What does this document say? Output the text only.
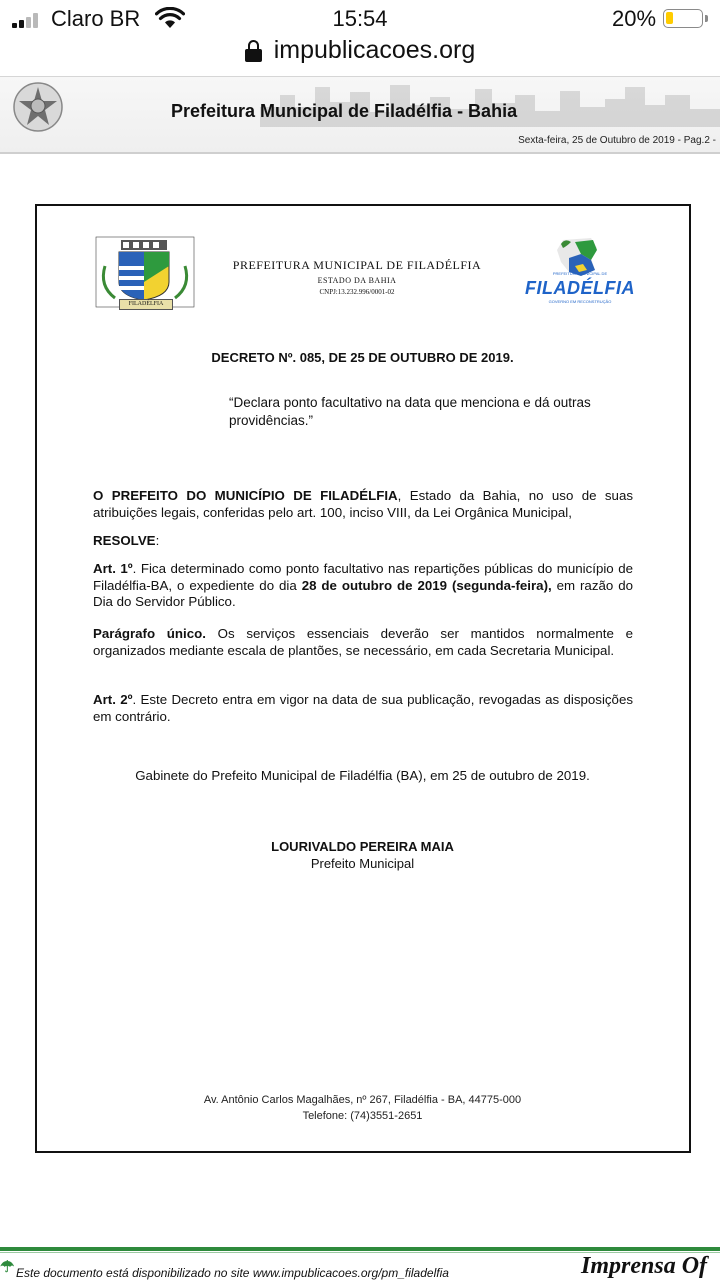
Claro BR	15:54	20%
impublicacoes.org
Prefeitura Municipal de Filadélfia - Bahia
Sexta-feira, 25 de Outubro de 2019 - Pag.2 -
FILADÉLFIA
PREFEITURA MUNICIPAL DE FILADÉLFIA
ESTADO DA BAHIA
CNPJ:13.232.996/0001-02
PREFEITURA MUNICIPAL DE
FILADÉLFIA
GOVERNO EM RECONSTRUÇÃO
DECRETO Nº. 085, DE 25 DE OUTUBRO DE 2019.
“Declara ponto facultativo na data que menciona e dá outras providências.”
O PREFEITO DO MUNICÍPIO DE FILADÉLFIA, Estado da Bahia, no uso de suas atribuições legais, conferidas pelo art. 100, inciso VIII, da Lei Orgânica Municipal,
RESOLVE:
Art. 1º. Fica determinado como ponto facultativo nas repartições públicas do município de Filadélfia-BA, o expediente do dia 28 de outubro de 2019 (segunda-feira), em razão do Dia do Servidor Público.
Parágrafo único. Os serviços essenciais deverão ser mantidos normalmente e organizados mediante escala de plantões, se necessário, em cada Secretaria Municipal.
Art. 2º. Este Decreto entra em vigor na data de sua publicação, revogadas as disposições em contrário.
Gabinete do Prefeito Municipal de Filadélfia (BA), em 25 de outubro de 2019.
LOURIVALDO PEREIRA MAIA
Prefeito Municipal
Av. Antônio Carlos Magalhães, nº 267, Filadélfia - BA, 44775-000
Telefone: (74)3551-2651
☂ Este documento está disponibilizado no site www.impublicacoes.org/pm_filadelfia	Imprensa Of
